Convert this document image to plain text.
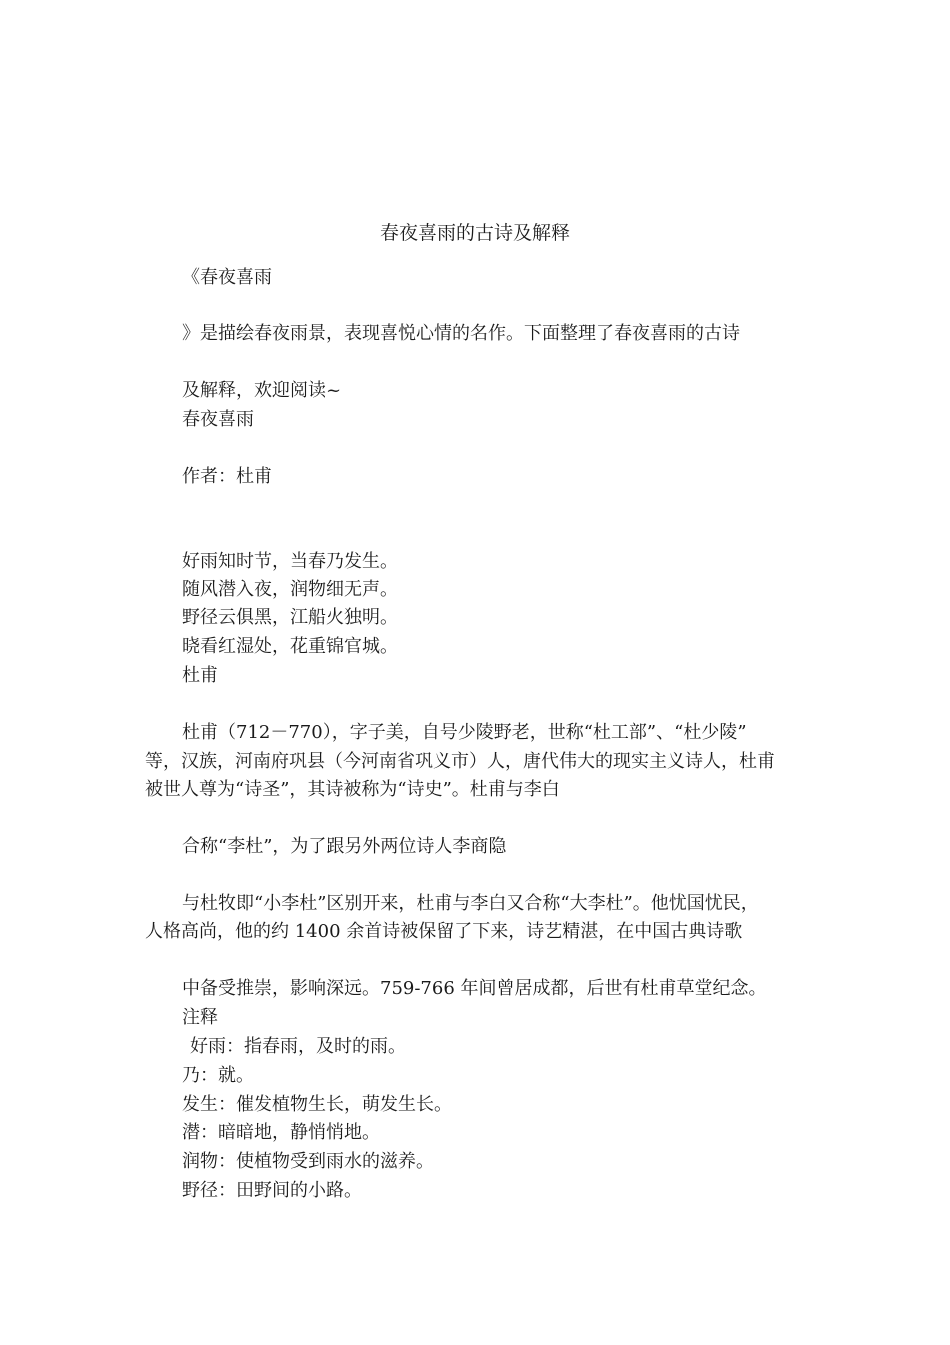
春夜喜雨的古诗及解释
《春夜喜雨
》是描绘春夜雨景，表现喜悦心情的名作。下面整理了春夜喜雨的古诗
及解释，欢迎阅读~
春夜喜雨
作者：杜甫
好雨知时节，当春乃发生。
随风潜入夜，润物细无声。
野径云俱黑，江船火独明。
晓看红湿处，花重锦官城。
杜甫
杜甫（712－770），字子美，自号少陵野老，世称“杜工部”、“杜少陵”
等，汉族，河南府巩县（今河南省巩义市）人，唐代伟大的现实主义诗人，杜甫
被世人尊为“诗圣”，其诗被称为“诗史”。杜甫与李白
合称“李杜”，为了跟另外两位诗人李商隐
与杜牧即“小李杜”区别开来，杜甫与李白又合称“大李杜”。他忧国忧民，
人格高尚，他的约 1400 余首诗被保留了下来，诗艺精湛，在中国古典诗歌
中备受推崇，影响深远。759-766 年间曾居成都，后世有杜甫草堂纪念。
注释
好雨：指春雨，及时的雨。
乃：就。
发生：催发植物生长，萌发生长。
潜：暗暗地，静悄悄地。
润物：使植物受到雨水的滋养。
野径：田野间的小路。
